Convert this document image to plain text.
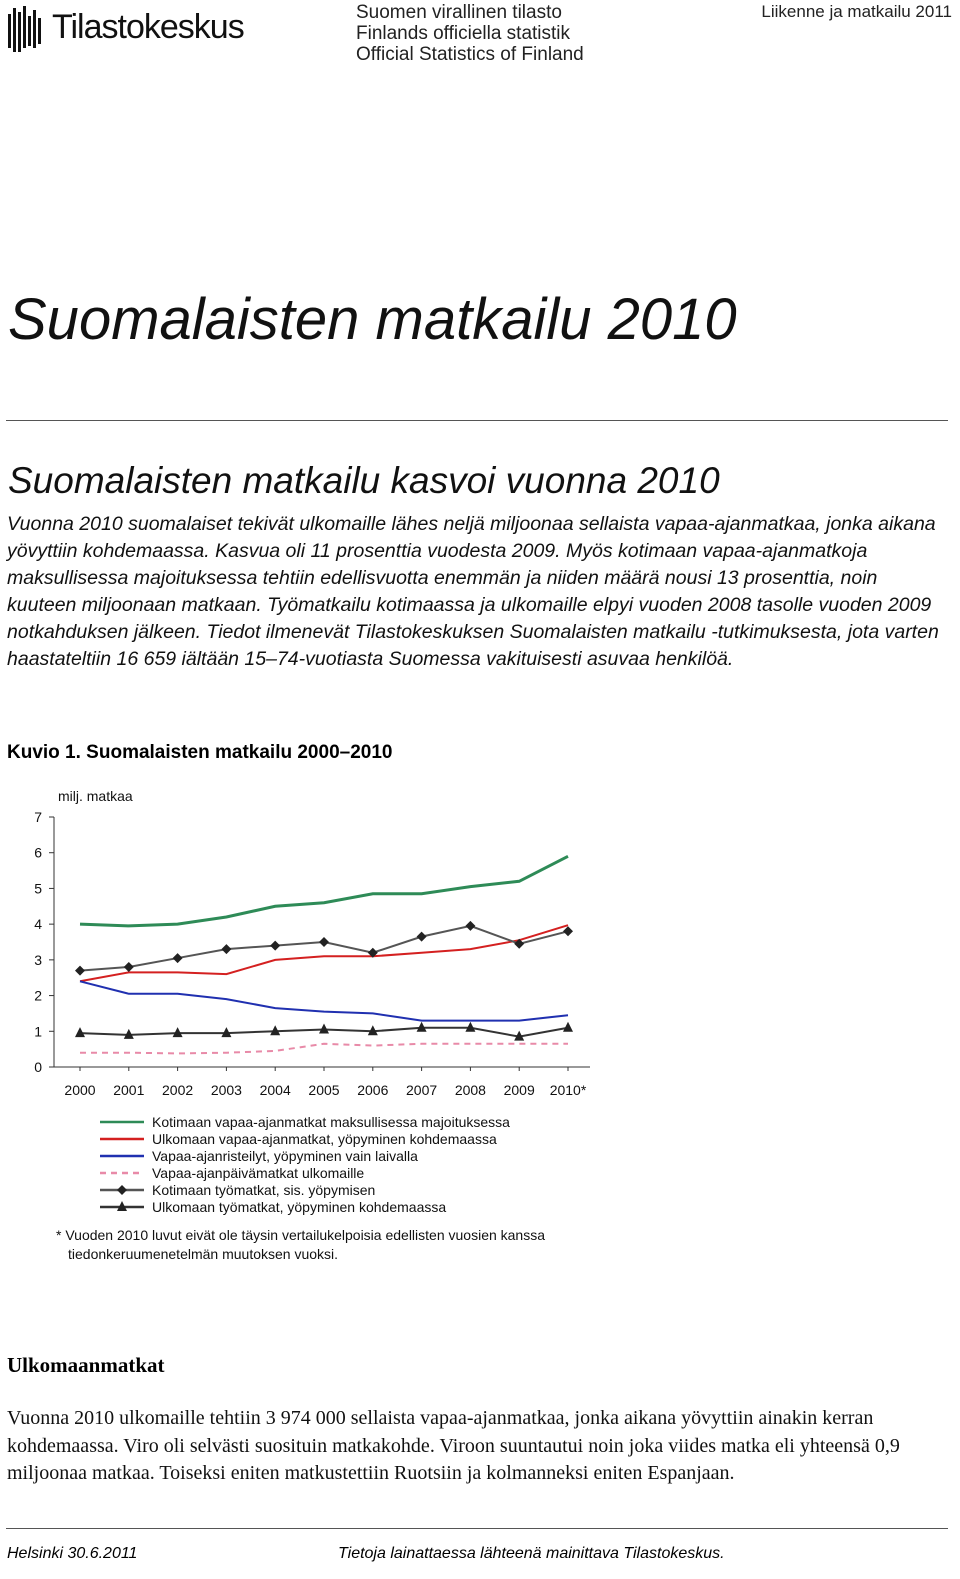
Tilastokeskus	Suomen virallinen tilasto
Finlands officiella statistik
Official Statistics of Finland
Liikenne ja matkailu 2011
Suomalaisten matkailu 2010
Suomalaisten matkailu kasvoi vuonna 2010
Vuonna 2010 suomalaiset tekivät ulkomaille lähes neljä miljoonaa sellaista vapaa-ajanmatkaa, jonka aikana yövyttiin kohdemaassa. Kasvua oli 11 prosenttia vuodesta 2009. Myös kotimaan vapaa-ajanmatkoja maksullisessa majoituksessa tehtiin edellisvuotta enemmän ja niiden määrä nousi 13 prosenttia, noin kuuteen miljoonaan matkaan. Työmatkailu kotimaassa ja ulkomaille elpyi vuoden 2008 tasolle vuoden 2009 notkahduksen jälkeen. Tiedot ilmenevät Tilastokeskuksen Suomalaisten matkailu -tutkimuksesta, jota varten haastateltiin 16 659 iältään 15–74-vuotiasta Suomessa vakituisesti asuvaa henkilöä.
Kuvio 1. Suomalaisten matkailu 2000–2010
milj. matkaa
0
1
2
3
4
5
6
7
2000 2001 2002 2003 2004 2005 2006 2007 2008 2009 2010*
Kotimaan vapaa-ajanmatkat maksullisessa majoituksessa
Ulkomaan vapaa-ajanmatkat, yöpyminen kohdemaassa
Vapaa-ajanristeilyt, yöpyminen vain laivalla
Vapaa-ajanpäivämatkat ulkomaille
Kotimaan työmatkat, sis. yöpymisen
Ulkomaan työmatkat, yöpyminen kohdemaassa
* Vuoden 2010 luvut eivät ole täysin vertailukelpoisia edellisten vuosien kanssa
tiedonkeruumenetelmän muutoksen vuoksi.
Ulkomaanmatkat
Vuonna 2010 ulkomaille tehtiin 3 974 000 sellaista vapaa-ajanmatkaa, jonka aikana yövyttiin ainakin kerran kohdemaassa. Viro oli selvästi suosituin matkakohde. Viroon suuntautui noin joka viides matka eli yhteensä 0,9 miljoonaa matkaa. Toiseksi eniten matkustettiin Ruotsiin ja kolmanneksi eniten Espanjaan.
Helsinki 30.6.2011	Tietoja lainattaessa lähteenä mainittava Tilastokeskus.
